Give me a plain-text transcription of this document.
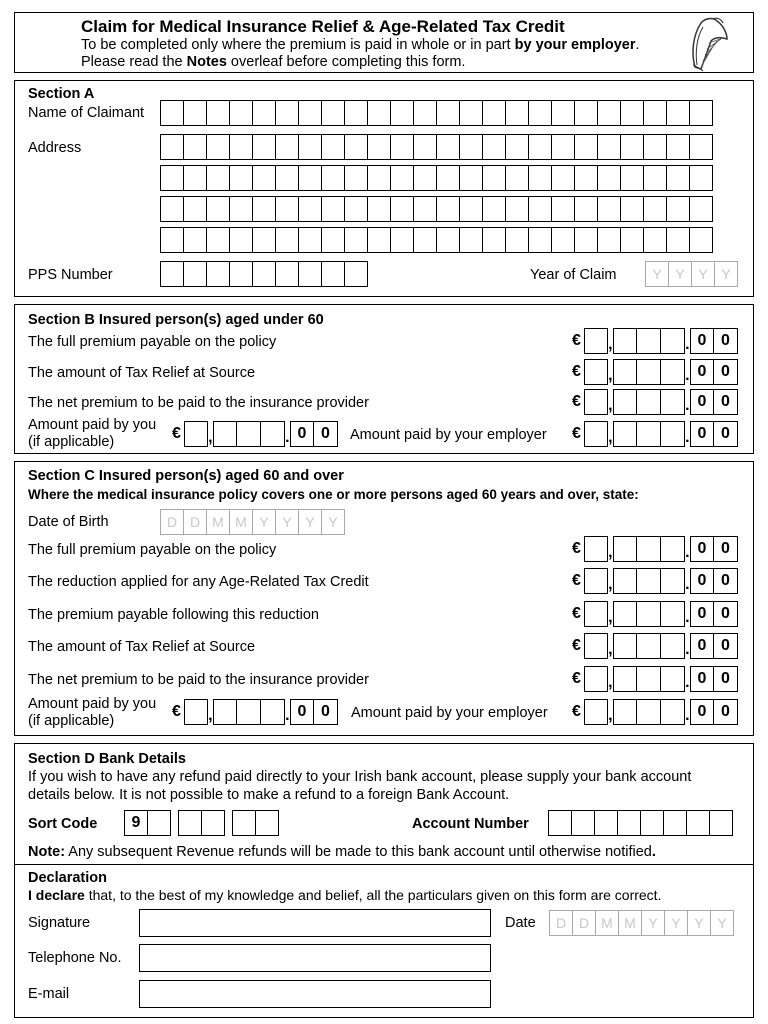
Claim for Medical Insurance Relief & Age-Related Tax Credit
To be completed only where the premium is paid in whole or in part by your employer.
Please read the Notes overleaf before completing this form.
Section A
Name of Claimant
Address
PPS Number	Year of Claim	Y Y Y Y
Section B Insured person(s) aged under 60
The full premium payable on the policy	€ ,	. 0 0
The amount of Tax Relief at Source	€ ,	. 0 0
The net premium to be paid to the insurance provider	€ ,	. 0 0
Amount paid by you
(if applicable)	€ ,	. 0 0	Amount paid by your employer € ,	. 0 0
Section C Insured person(s) aged 60 and over
Where the medical insurance policy covers one or more persons aged 60 years and over, state:
Date of Birth	D D M M Y Y Y Y
The full premium payable on the policy	€ ,	. 0 0
The reduction applied for any Age-Related Tax Credit	€ ,	. 0 0
The premium payable following this reduction	€ ,	. 0 0
The amount of Tax Relief at Source	€ ,	. 0 0
The net premium to be paid to the insurance provider	€ ,	. 0 0
Amount paid by you
(if applicable)
€ ,	. 0 0	Amount paid by your employer € ,	. 0 0
Section D Bank Details
If you wish to have any refund paid directly to your Irish bank account, please supply your bank account
details below. It is not possible to make a refund to a foreign Bank Account.
Sort Code	9	Account Number
Note: Any subsequent Revenue refunds will be made to this bank account until otherwise notified.
Declaration
I declare that, to the best of my knowledge and belief, all the particulars given on this form are correct.
Signature	Date	D D M M Y Y Y Y
Telephone No.
E-mail
